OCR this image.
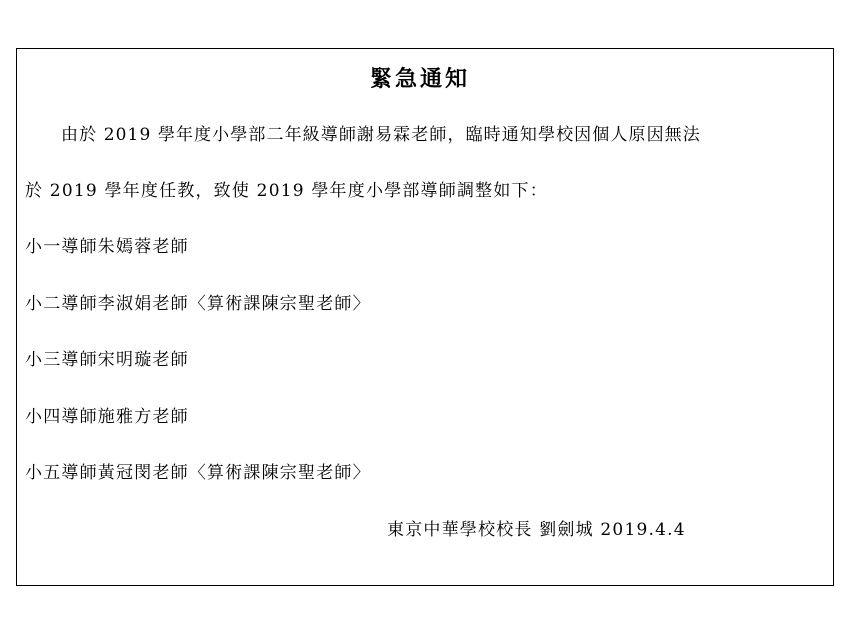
緊急通知
由於 2019 學年度小學部二年級導師謝易霖老師，臨時通知學校因個人原因無法
於 2019 學年度任教，致使 2019 學年度小學部導師調整如下：
小一導師朱嫣蓉老師
小二導師李淑娟老師〈算術課陳宗聖老師〉
小三導師宋明璇老師
小四導師施雅方老師
小五導師黃冠閔老師〈算術課陳宗聖老師〉
東京中華學校校長 劉劍城 2019.4.4
